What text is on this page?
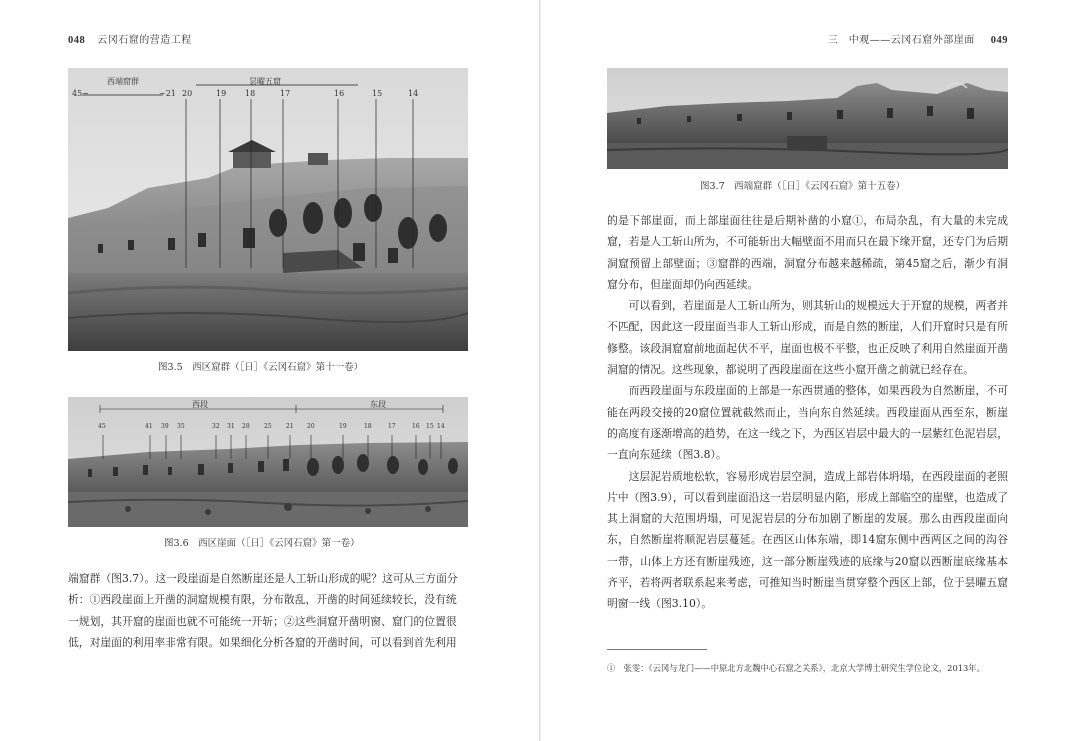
048 云冈石窟的营造工程
西端窟群	昙曜五窟
45~	~21 20	19 18	17	16	15	14
图3.5　西区窟群（［日］《云冈石窟》第十一卷）
西段	东段
45	41 39 35	32 31 28 25 21 20	19	18	17	16 15 14
图3.6　西区崖面（［日］《云冈石窟》第一卷）
端窟群（图3.7）。这一段崖面是自然断崖还是人工斩山形成的呢？这可从三方面分
析：①西段崖面上开凿的洞窟规模有限，分布散乱，开凿的时间延续较长，没有统
一规划，其开窟的崖面也就不可能统一开斩；②这些洞窟开凿明窗、窟门的位置很
低，对崖面的利用率非常有限。如果细化分析各窟的开凿时间，可以看到首先利用
三　中观——云冈石窟外部崖面 049
图3.7　西端窟群（［日］《云冈石窟》第十五卷）

的是下部崖面，而上部崖面往往是后期补凿的小窟①，布局杂乱，有大量的未完成窟，若是人工斩山所为，不可能斩出大幅壁面不用而只在最下缘开窟，还专门为后期洞窟预留上部壁面；③窟群的西端，洞窟分布越来越稀疏，第45窟之后，渐少有洞窟分布，但崖面却仍向西延续。

可以看到，若崖面是人工斩山所为，则其斩山的规模远大于开窟的规模，两者并不匹配，因此这一段崖面当非人工斩山形成，而是自然的断崖，人们开窟时只是有所修整。该段洞窟窟前地面起伏不平，崖面也极不平整，也正反映了利用自然崖面开凿洞窟的情况。这些现象，都说明了西段崖面在这些小窟开凿之前就已经存在。

而西段崖面与东段崖面的上部是一东西贯通的整体，如果西段为自然断崖，不可能在两段交接的20窟位置就截然而止，当向东自然延续。西段崖面从西至东，断崖的高度有逐渐增高的趋势，在这一线之下，为西区岩层中最大的一层紫红色泥岩层，一直向东延续（图3.8）。

这层泥岩质地松软，容易形成岩层空洞，造成上部岩体坍塌，在西段崖面的老照片中（图3.9），可以看到崖面沿这一岩层明显内陷，形成上部临空的崖壁，也造成了其上洞窟的大范围坍塌，可见泥岩层的分布加剧了断崖的发展。那么由西段崖面向东，自然断崖将顺泥岩层蔓延。在西区山体东端，即14窟东侧中西两区之间的沟谷一带，山体上方还有断崖残迹，这一部分断崖残迹的底缘与20窟以西断崖底缘基本齐平，若将两者联系起来考虑，可推知当时断崖当贯穿整个西区上部，位于昙曜五窟明窗一线（图3.10）。

①　张雯：《云冈与龙门——中原北方北魏中心石窟之关系》，北京大学博士研究生学位论文，2013年。
